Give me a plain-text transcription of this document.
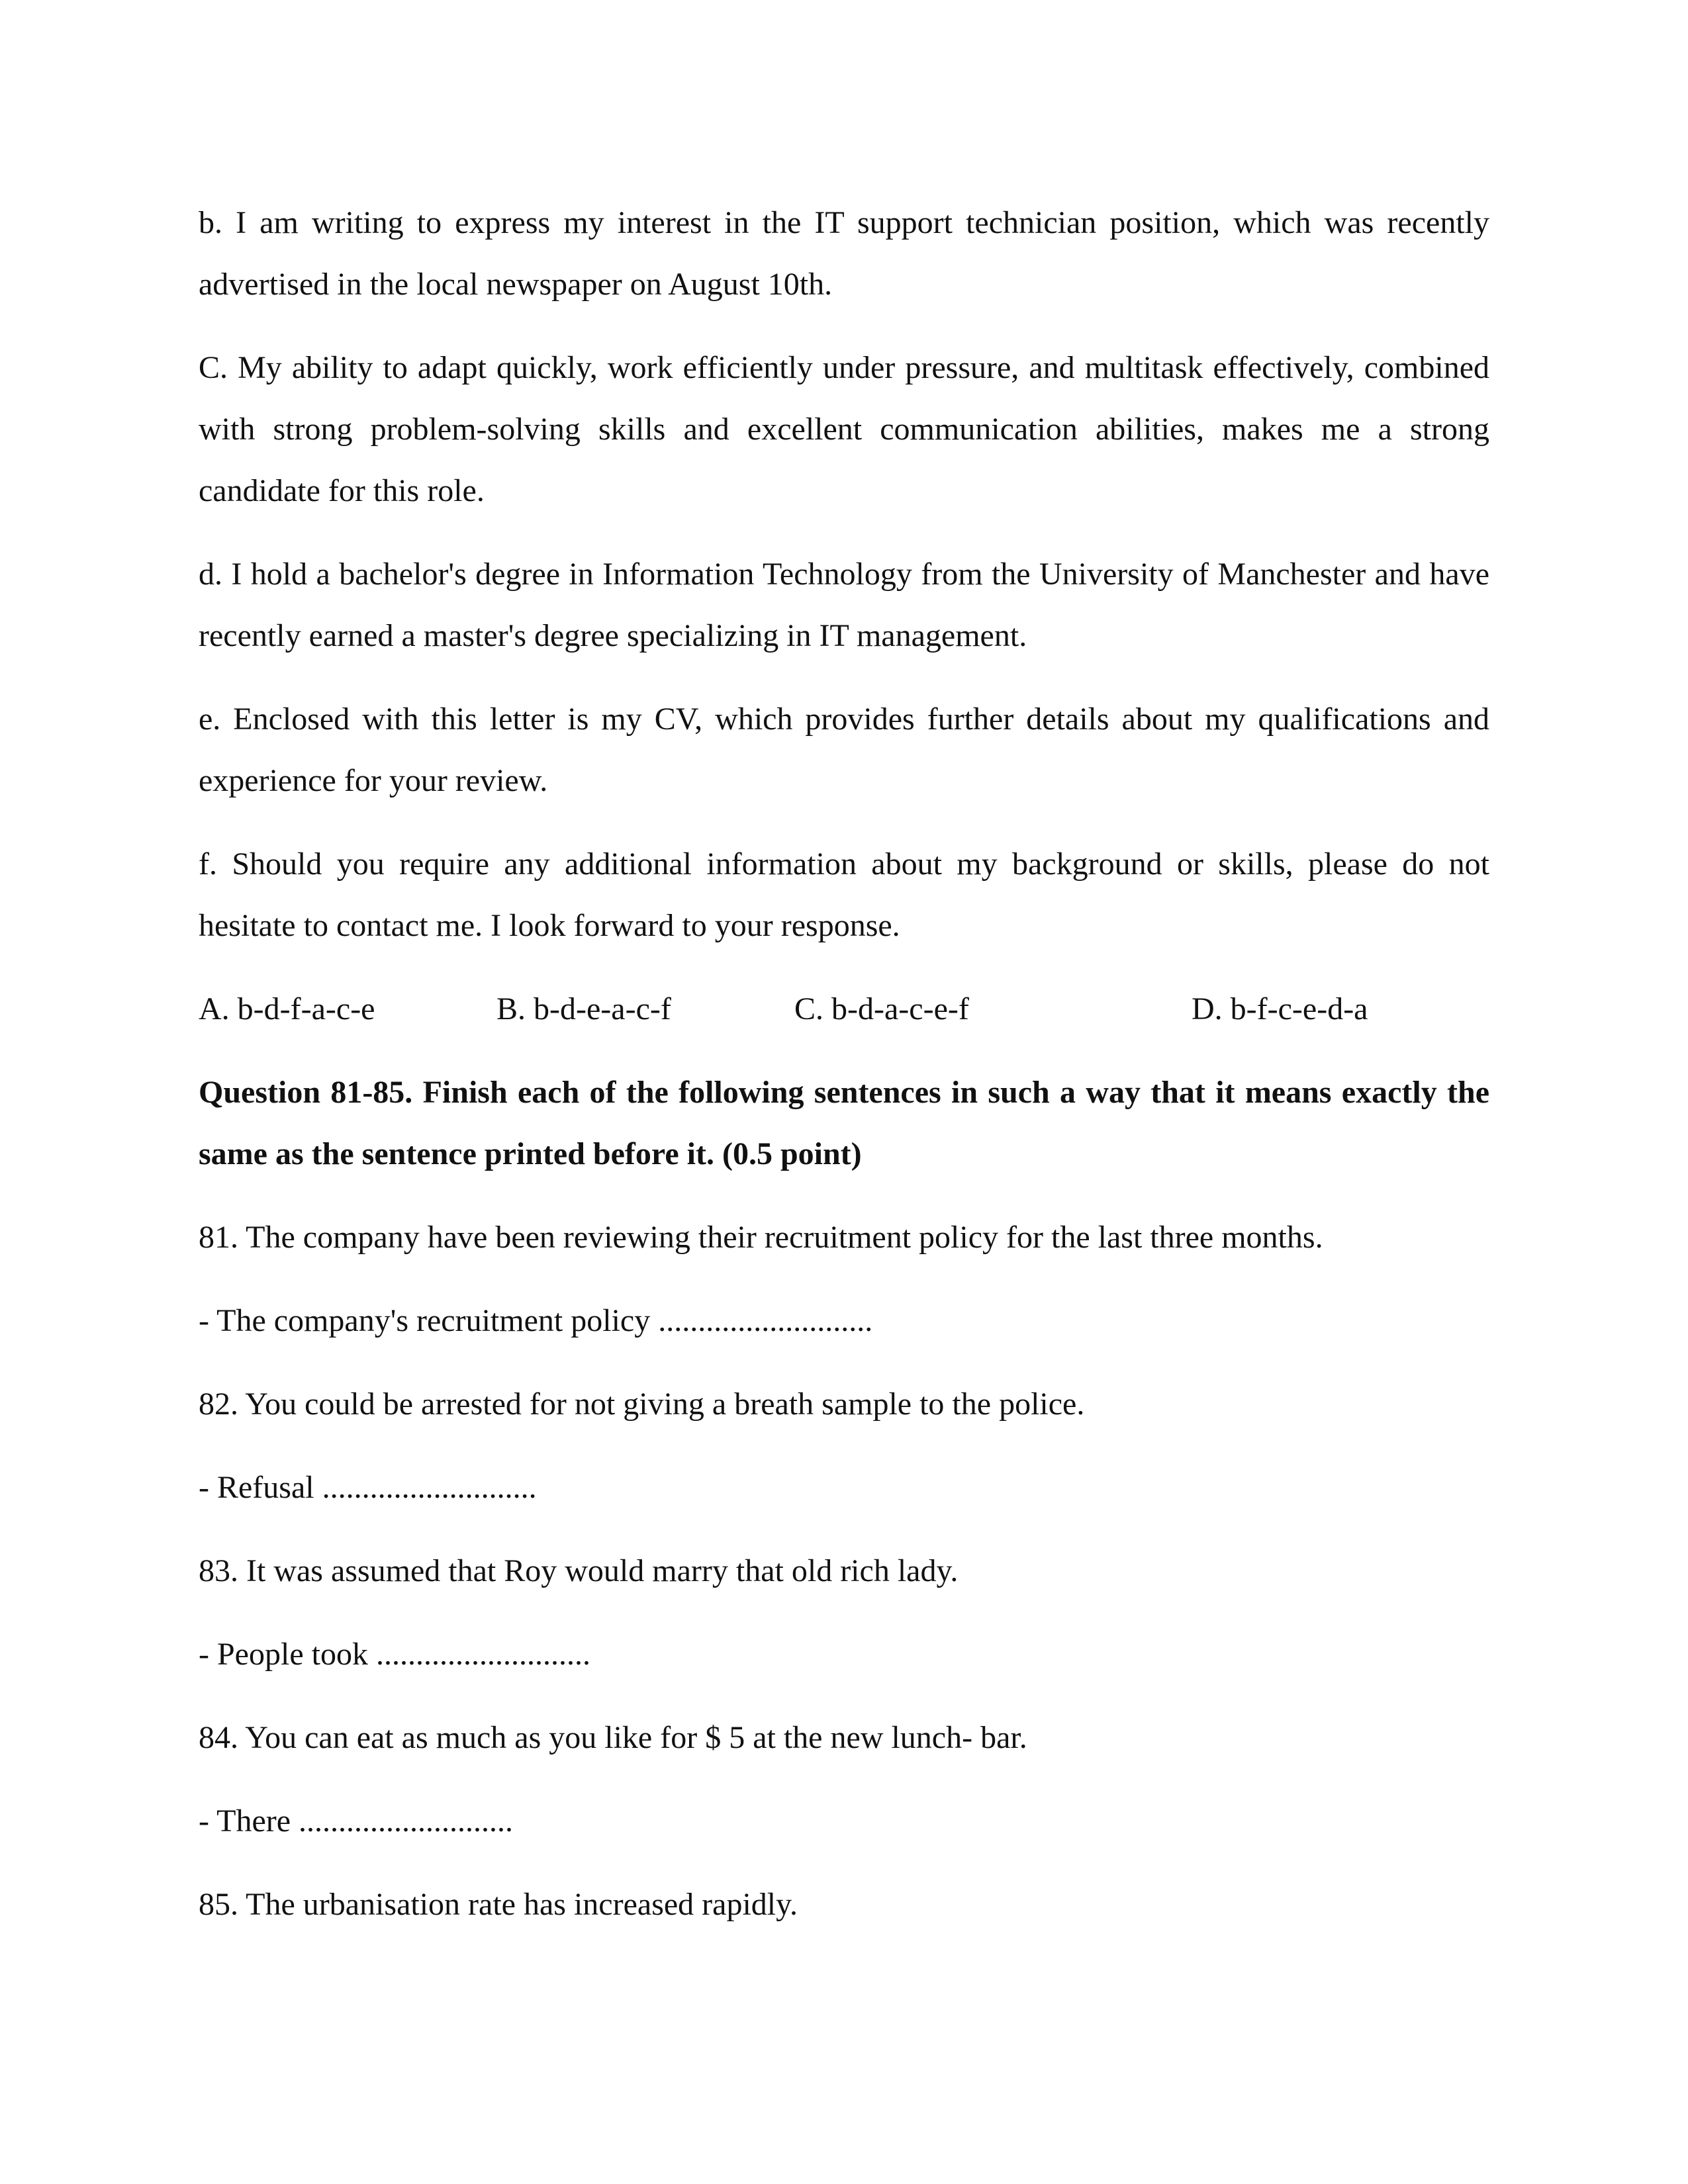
b. I am writing to express my interest in the IT support technician position, which was recently advertised in the local newspaper on August 10th.

C. My ability to adapt quickly, work efficiently under pressure, and multitask effectively, combined with strong problem-solving skills and excellent communication abilities, makes me a strong candidate for this role.

d. I hold a bachelor's degree in Information Technology from the University of Manchester and have recently earned a master's degree specializing in IT management.

e. Enclosed with this letter is my CV, which provides further details about my qualifications and experience for your review.

f. Should you require any additional information about my background or skills, please do not hesitate to contact me. I look forward to your response.

A. b-d-f-a-c-e	B. b-d-e-a-c-f	C. b-d-a-c-e-f	D. b-f-c-e-d-a

Question 81-85. Finish each of the following sentences in such a way that it means exactly the same as the sentence printed before it. (0.5 point)

81. The company have been reviewing their recruitment policy for the last three months.

- The company's recruitment policy ...........................

82. You could be arrested for not giving a breath sample to the police.

- Refusal ...........................

83. It was assumed that Roy would marry that old rich lady.

- People took ...........................

84. You can eat as much as you like for $ 5 at the new lunch- bar.

- There ...........................

85. The urbanisation rate has increased rapidly.
